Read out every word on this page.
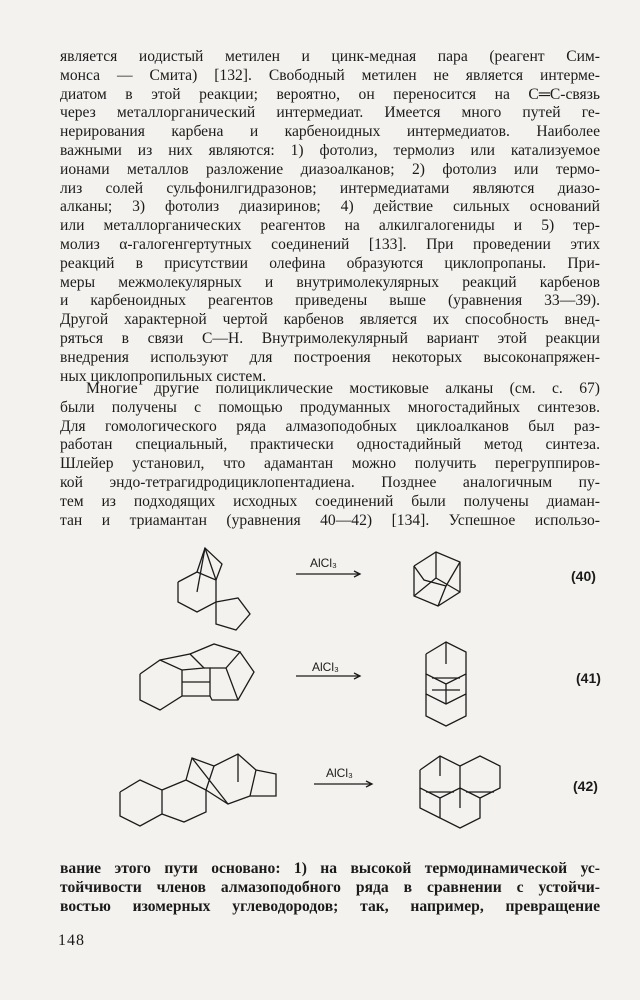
является иодистый метилен и цинк-медная пара (реагент Сим-
монса — Смита) [132]. Свободный метилен не является интерме-
диатом в этой реакции; вероятно, он переносится на C═C-связь
через металлорганический интермедиат. Имеется много путей ге-
нерирования карбена и карбеноидных интермедиатов. Наиболее
важными из них являются: 1) фотолиз, термолиз или катализуемое
ионами металлов разложение диазоалканов; 2) фотолиз или термо-
лиз солей сульфонилгидразонов; интермедиатами являются диазо-
алканы; 3) фотолиз диазиринов; 4) действие сильных оснований
или металлорганических реагентов на алкилгалогениды и 5) тер-
молиз α-галогенгертутных соединений [133]. При проведении этих
реакций в присутствии олефина образуются циклопропаны. При-
меры межмолекулярных и внутримолекулярных реакций карбенов
и карбеноидных реагентов приведены выше (уравнения 33—39).
Другой характерной чертой карбенов является их способность внед-
ряться в связи C—H. Внутримолекулярный вариант этой реакции
внедрения используют для построения некоторых высоконапряжен-
ных циклопропильных систем.
Многие другие полициклические мостиковые алканы (см. с. 67)
были получены с помощью продуманных многостадийных синтезов.
Для гомологического ряда алмазоподобных циклоалканов был раз-
работан специальный, практически одностадийный метод синтеза.
Шлейер установил, что адамантан можно получить перегруппиров-
кой эндо-тетрагидродициклопентадиена. Позднее аналогичным пу-
тем из подходящих исходных соединений были получены диаман-
тан и триамантан (уравнения 40—42) [134]. Успешное использо-
AlCl₃
(40)
AlCl₃
(41)
AlCl₃
(42)
вание этого пути основано: 1) на высокой термодинамической ус-
тойчивости членов алмазоподобного ряда в сравнении с устойчи-
востью изомерных углеводородов; так, например, превращение
148
